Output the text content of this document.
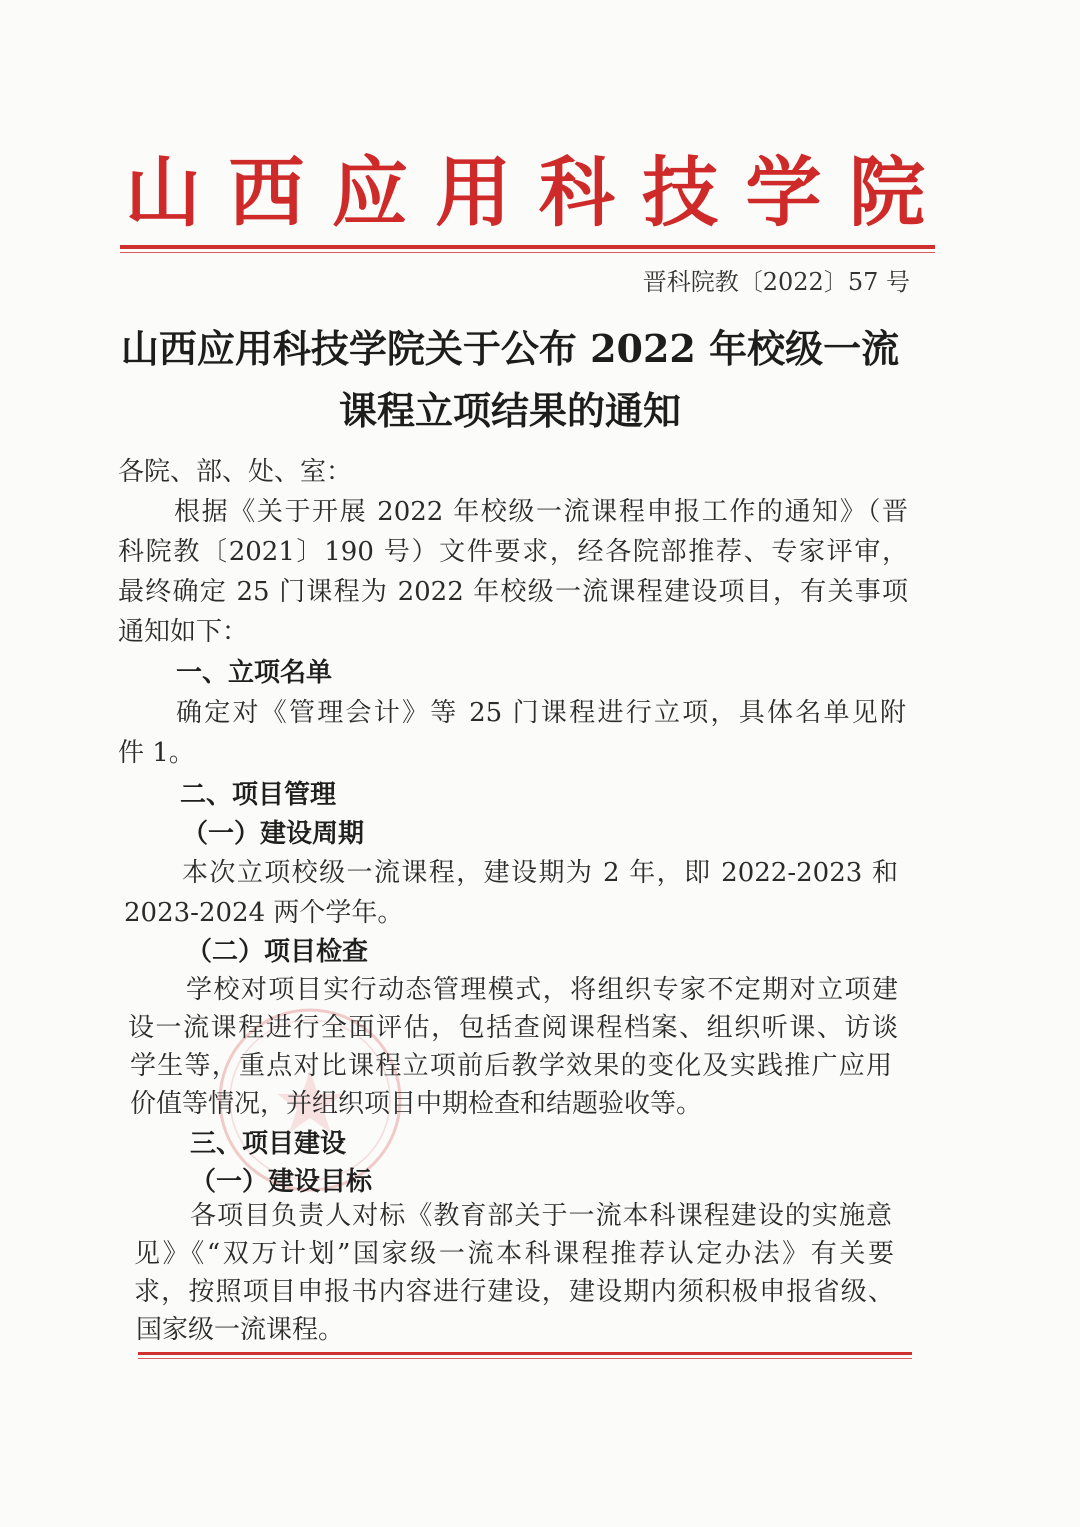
山 西 应 用 科 技 学 院
晋科院教〔2022〕57 号
山西应用科技学院关于公布 2022 年校级一流
课程立项结果的通知
各院、部、处、室：
根据《关于开展 2022 年校级一流课程申报工作的通知》（晋
科院教〔2021〕190 号）文件要求，经各院部推荐、专家评审，
最终确定 25 门课程为 2022 年校级一流课程建设项目，有关事项
通知如下：
一、立项名单
确定对《管理会计》等 25 门课程进行立项，具体名单见附
件 1。
二、项目管理
（一）建设周期
本次立项校级一流课程，建设期为 2 年，即 2022-2023 和
2023-2024 两个学年。
（二）项目检查
学校对项目实行动态管理模式，将组织专家不定期对立项建
设一流课程进行全面评估，包括查阅课程档案、组织听课、访谈
学生等，重点对比课程立项前后教学效果的变化及实践推广应用
价值等情况，并组织项目中期检查和结题验收等。
三、项目建设
（一）建设目标
各项目负责人对标《教育部关于一流本科课程建设的实施意
见》《“双万计划”国家级一流本科课程推荐认定办法》有关要
求，按照项目申报书内容进行建设，建设期内须积极申报省级、
国家级一流课程。
